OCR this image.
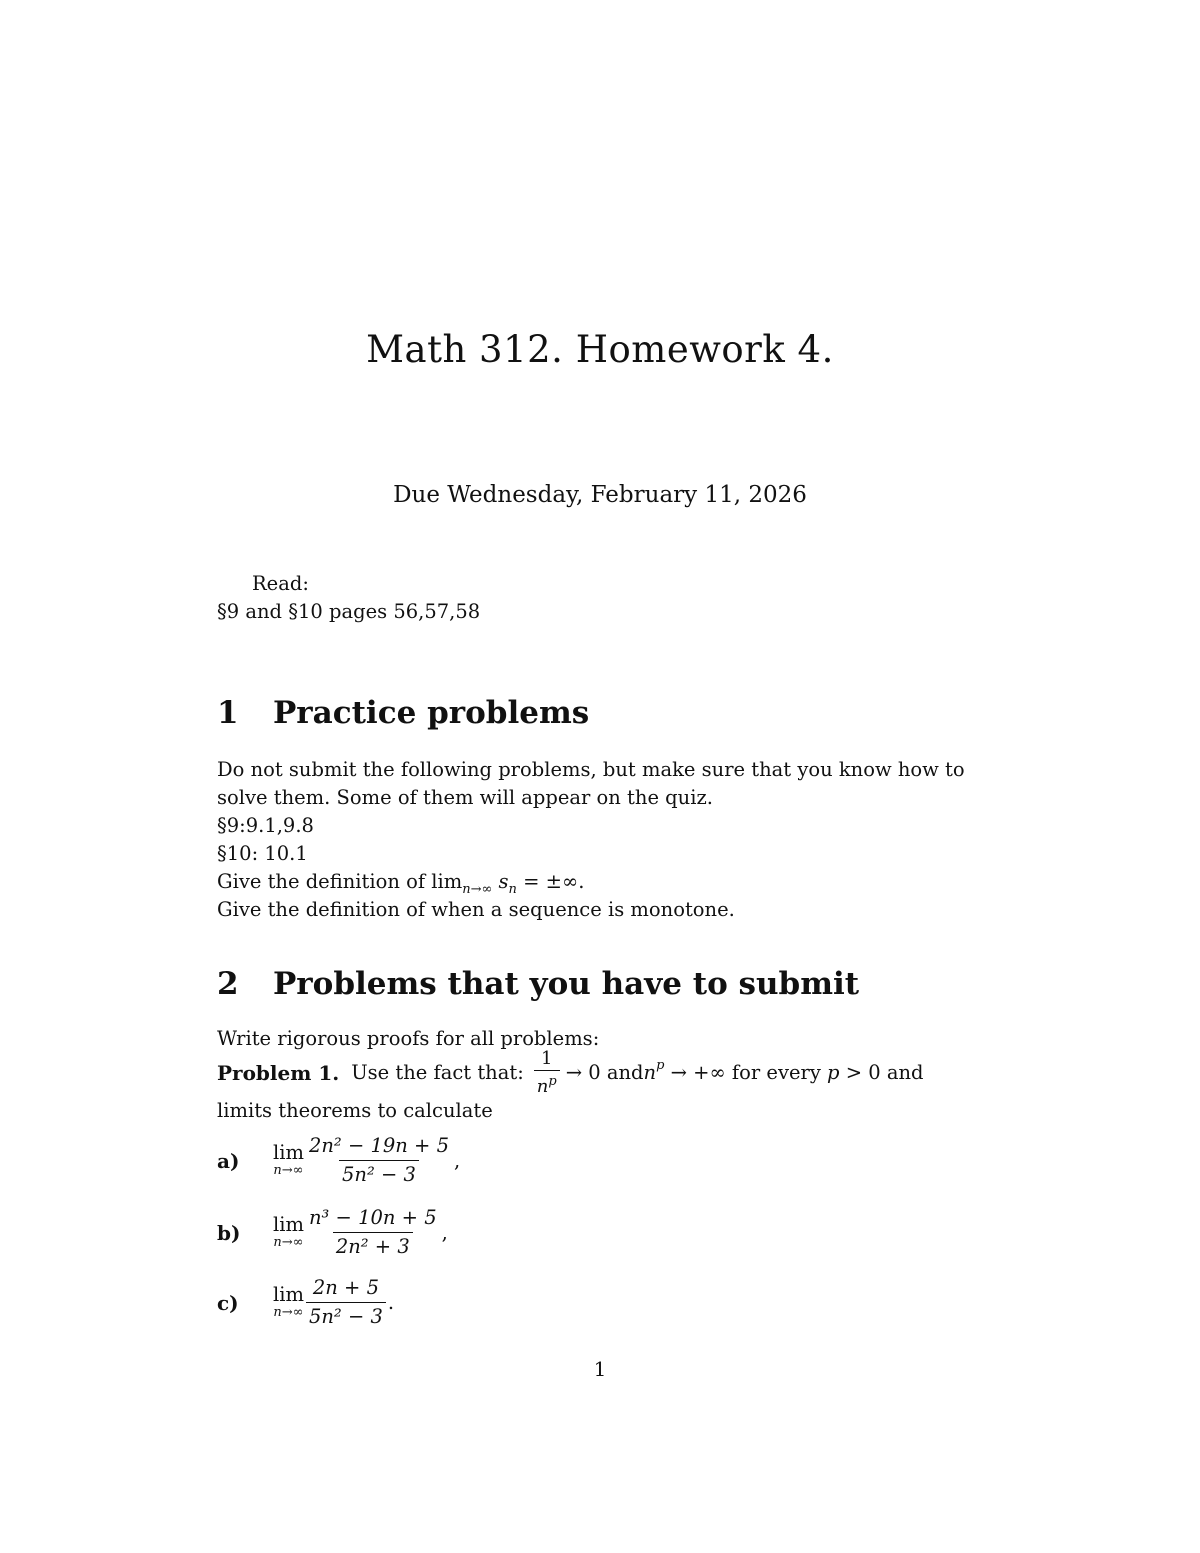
Math 312. Homework 4.
Due Wednesday, February 11, 2026
Read:
§9 and §10 pages 56,57,58
1 Practice problems
Do not submit the following problems, but make sure that you know how to
solve them. Some of them will appear on the quiz.
§9:9.1,9.8
§10: 10.1
Give the definition of $\lim_{n\to\infty} s_n$ = ±∞.
Give the definition of when a sequence is monotone.
2 Problems that you have to submit
Write rigorous proofs for all problems:
Problem 1. Use the fact that: $\frac{1}{n^p} \to 0$ and $n^p$ → +∞ for every p > 0 and
limits theorems to calculate
a)	lim
$n\to\infty \frac{\text{2n² − 19n + 5}}{\text{5n² − 3}}$ ,
b)	lim
$n\to\infty \frac{\text{n³ − 10n + 5}}{\text{2n² + 3}}$ ,
c)	lim
$n\to\infty \frac{2n + 5}{\text{5n² − 3}}$ .
1
